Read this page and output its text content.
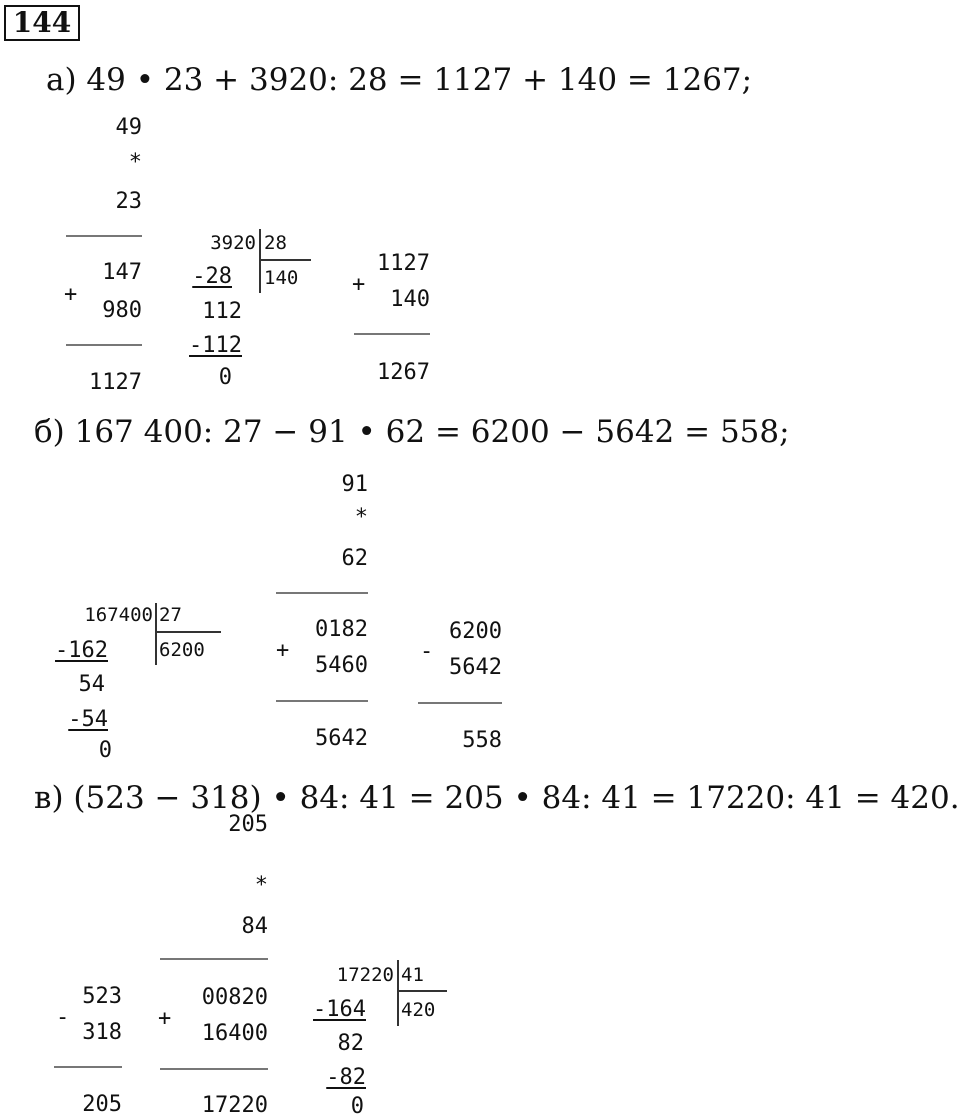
144
а) 49 • 23 + 3920: 28 = 1127 + 140 = 1267;
49
*
23
+
147
980
1127
3920 28
140
-28
112
-112
0
+
1127
140
1267
б) 167 400: 27 − 91 • 62 = 6200 − 5642 = 558;
167400 27
6200
-162
54
-54
0
91
*
62
+
0182
5460
5642
-
6200
5642
558
в) (523 − 318) • 84: 41 = 205 • 84: 41 = 17220: 41 = 420.
-
523
318
205
205
*
84
+
00820
16400
17220
17220 41
420
-164
82
-82
0
